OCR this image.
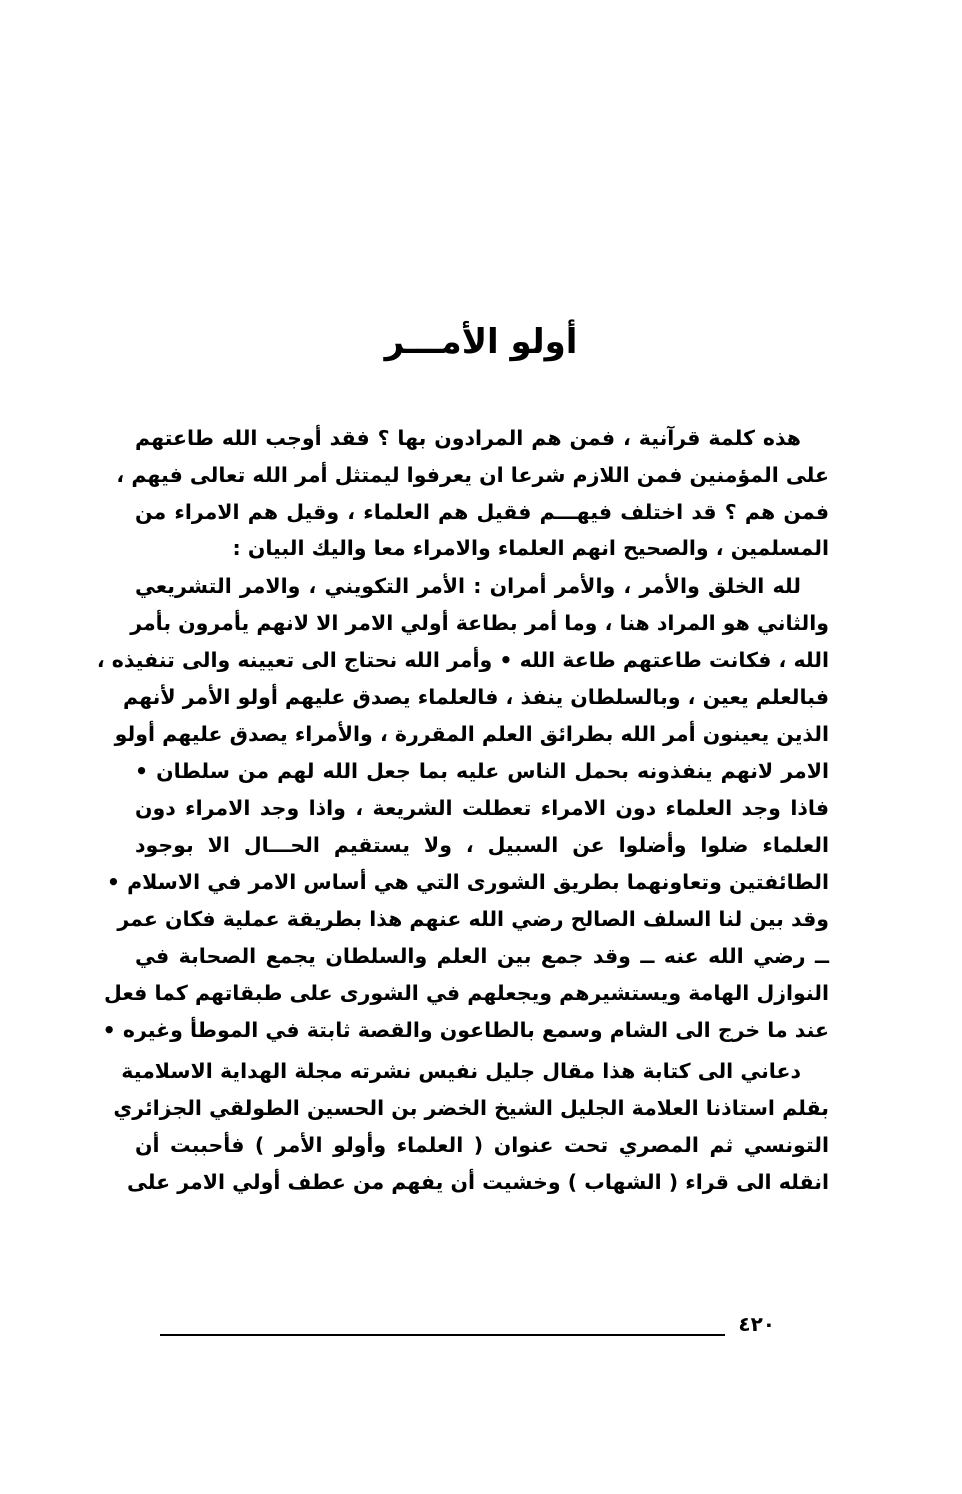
أولو الأمـــر
هذه كلمة قرآنية ، فمن هم المرادون بها ؟ فقد أوجب الله طاعتهم
على المؤمنين فمن اللازم شرعا ان يعرفوا ليمتثل أمر الله تعالى فيهم ،
فمن هم ؟ قد اختلف فيهـــم فقيل هم العلماء ، وقيل هم الامراء من
المسلمين ، والصحيح انهم العلماء والامراء معا واليك البيان :
لله الخلق والأمر ، والأمر أمران : الأمر التكويني ، والامر التشريعي
والثاني هو المراد هنا ، وما أمر بطاعة أولي الامر الا لانهم يأمرون بأمر
الله ، فكانت طاعتهم طاعة الله • وأمر الله نحتاج الى تعيينه والى تنفيذه ،
فبالعلم يعين ، وبالسلطان ينفذ ، فالعلماء يصدق عليهم أولو الأمر لأنهم
الذين يعينون أمر الله بطرائق العلم المقررة ، والأمراء يصدق عليهم أولو
الامر لانهم ينفذونه بحمل الناس عليه بما جعل الله لهم من سلطان •
فاذا وجد العلماء دون الامراء تعطلت الشريعة ، واذا وجد الامراء دون
العلماء ضلوا وأضلوا عن السبيل ، ولا يستقيم الحـــال الا بوجود
الطائفتين وتعاونهما بطريق الشورى التي هي أساس الامر في الاسلام •
وقد بين لنا السلف الصالح رضي الله عنهم هذا بطريقة عملية فكان عمر
ــ رضي الله عنه ــ وقد جمع بين العلم والسلطان يجمع الصحابة في
النوازل الهامة ويستشيرهم ويجعلهم في الشورى على طبقاتهم كما فعل
عند ما خرج الى الشام وسمع بالطاعون والقصة ثابتة في الموطأ وغيره •
دعاني الى كتابة هذا مقال جليل نفيس نشرته مجلة الهداية الاسلامية
بقلم استاذنا العلامة الجليل الشيخ الخضر بن الحسين الطولقي الجزائري
التونسي ثم المصري تحت عنوان ( العلماء وأولو الأمر ) فأحببت أن
انقله الى قراء ( الشهاب ) وخشيت أن يفهم من عطف أولي الامر على
٤٢٠
